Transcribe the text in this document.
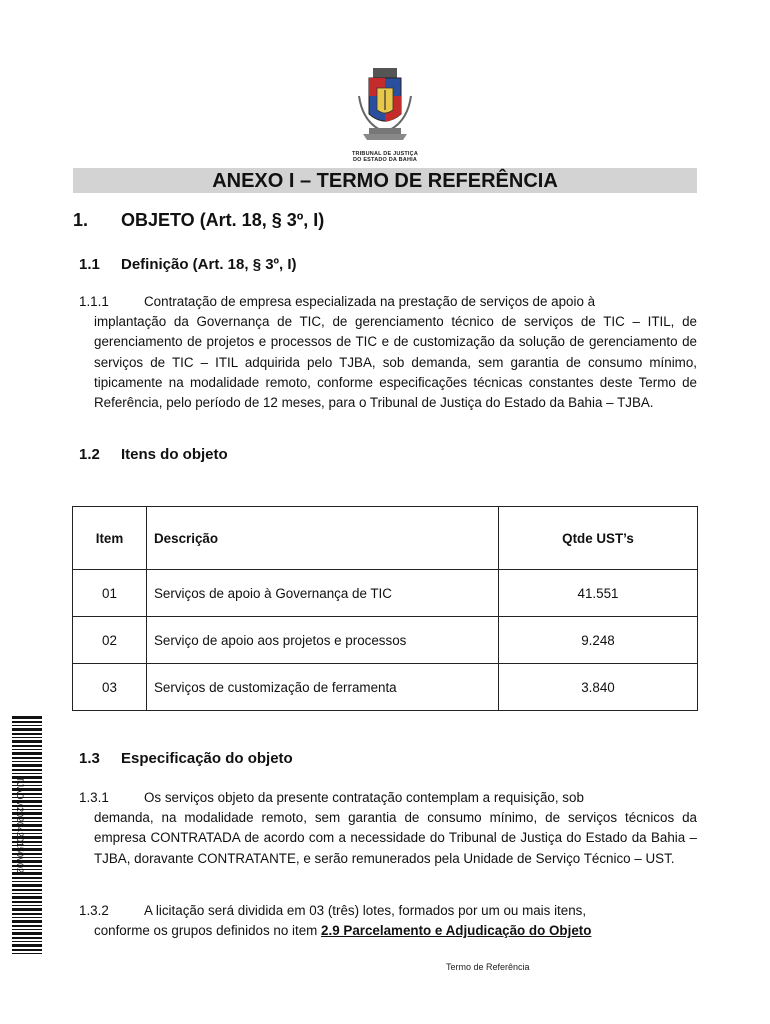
TRIBUNAL DE JUSTIÇA
DO ESTADO DA BAHIA
ANEXO I – TERMO DE REFERÊNCIA
1. OBJETO (Art. 18, § 3º, I)
1.1 Definição (Art. 18, § 3º, I)
1.1.1	Contratação de empresa especializada na prestação de serviços de apoio à
implantação da Governança de TIC, de gerenciamento técnico de serviços de TIC – ITIL, de gerenciamento de projetos e processos de TIC e de customização da solução de gerenciamento de serviços de TIC – ITIL adquirida pelo TJBA, sob demanda, sem garantia de consumo mínimo, tipicamente na modalidade remoto, conforme especificações técnicas constantes deste Termo de Referência, pelo período de 12 meses, para o Tribunal de Justiça do Estado da Bahia – TJBA.
1.2 Itens do objeto
Item	Descrição	Qtde UST’s
01	Serviços de apoio à Governança de TIC	41.551
02	Serviço de apoio aos projetos e processos	9.248
03	Serviços de customização de ferramenta	3.840
1.3 Especificação do objeto
1.3.1	Os serviços objeto da presente contratação contemplam a requisição, sob
demanda, na modalidade remoto, sem garantia de consumo mínimo, de serviços técnicos da empresa CONTRATADA de acordo com a necessidade do Tribunal de Justiça do Estado da Bahia – TJBA, doravante CONTRATANTE, e serão remunerados pela Unidade de Serviço Técnico – UST.
1.3.2	A licitação será dividida em 03 (três) lotes, formados por um ou mais itens,
conforme os grupos definidos no item 2.9 Parcelamento e Adjudicação do Objeto
TJADM2020420150V02
Termo de Referência
